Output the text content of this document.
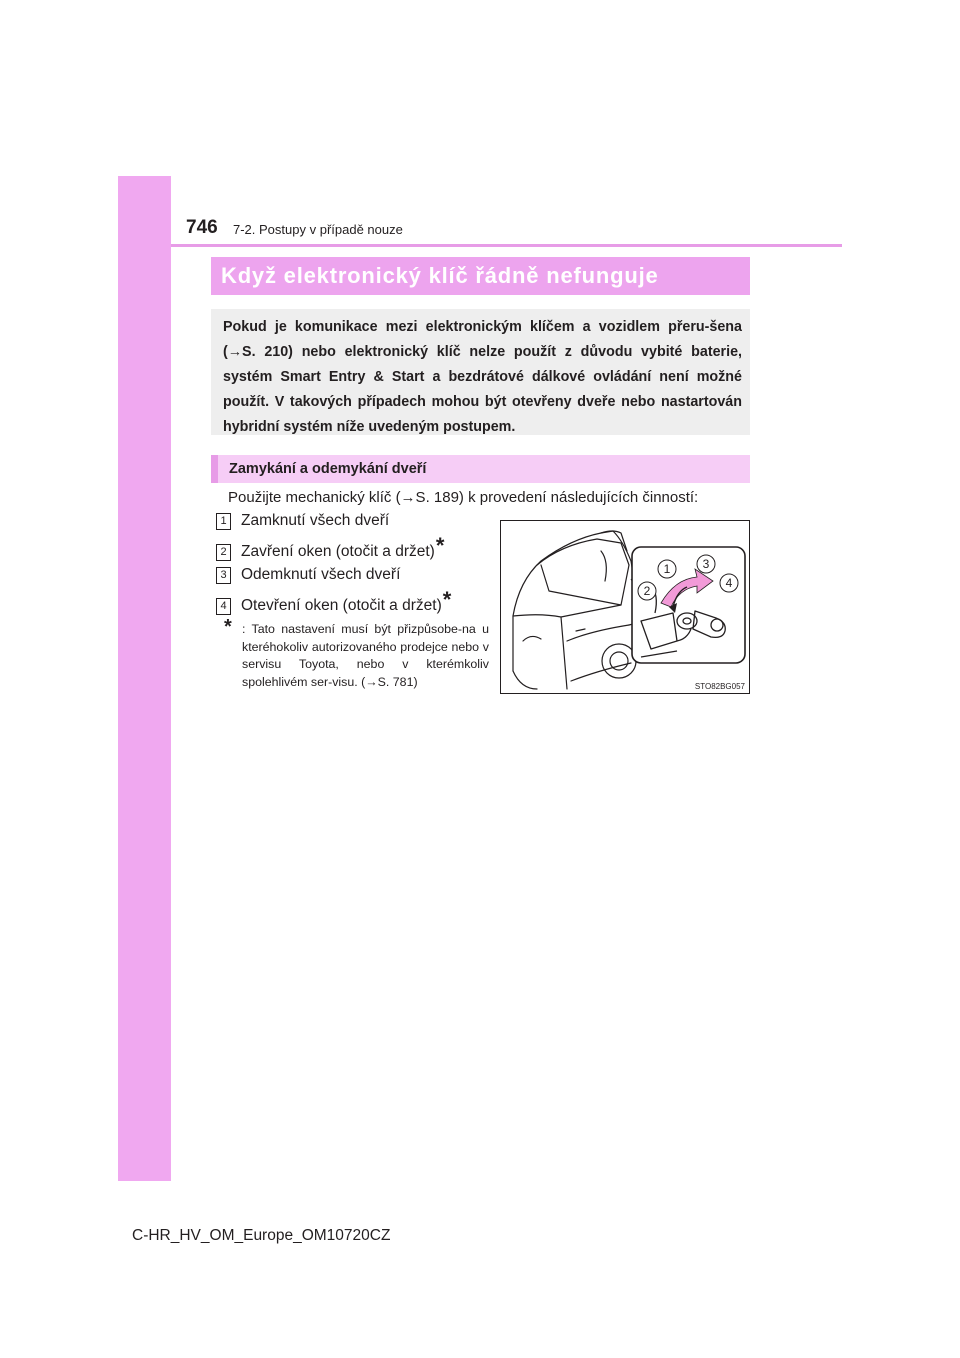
746 7-2. Postupy v případě nouze
Když elektronický klíč řádně nefunguje
Pokud je komunikace mezi elektronickým klíčem a vozidlem přeru-šena (→S. 210) nebo elektronický klíč nelze použít z důvodu vybité baterie, systém Smart Entry & Start a bezdrátové dálkové ovládání není možné použít. V takových případech mohou být otevřeny dveře nebo nastartován hybridní systém níže uvedeným postupem.
Zamykání a odemykání dveří
Použijte mechanický klíč (→S. 189) k provedení následujících činností:
1 Zamknutí všech dveří
2 Zavření oken (otočit a držet) *
3 Odemknutí všech dveří
4 Otevření oken (otočit a držet) *
* : Tato nastavení musí být přizpůsobe-na u kteréhokoliv autorizovaného prodejce nebo v servisu Toyota, nebo v kterémkoliv spolehlivém ser-visu. (→S. 781)
1
2
3
4
STO82BG057
C-HR_HV_OM_Europe_OM10720CZ
